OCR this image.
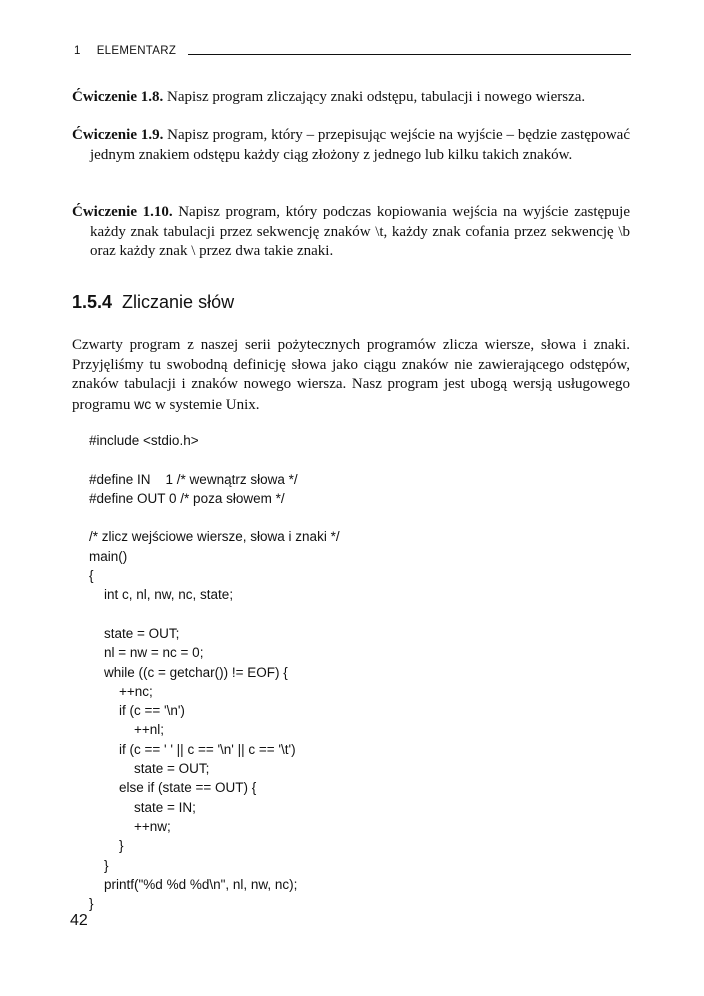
1 ELEMENTARZ

Ćwiczenie 1.8. Napisz program zliczający znaki odstępu, tabulacji i nowego wiersza.

Ćwiczenie 1.9. Napisz program, który – przepisując wejście na wyjście – będzie zastępować jednym znakiem odstępu każdy ciąg złożony z jednego lub kilku takich znaków.

Ćwiczenie 1.10. Napisz program, który podczas kopiowania wejścia na wyjście zastępuje każdy znak tabulacji przez sekwencję znaków \t, każdy znak cofania przez sekwencję \b oraz każdy znak \ przez dwa takie znaki.

1.5.4 Zliczanie słów

Czwarty program z naszej serii pożytecznych programów zlicza wiersze, słowa i znaki. Przyjęliśmy tu swobodną definicję słowa jako ciągu znaków nie zawierającego odstępów, znaków tabulacji i znaków nowego wiersza. Nasz program jest ubogą wersją usługowego programu wc w systemie Unix.

#include <stdio.h>
#define IN    1 /* wewnątrz słowa */
#define OUT 0 /* poza słowem */
/* zlicz wejściowe wiersze, słowa i znaki */
main()
{
int c, nl, nw, nc, state;
state = OUT;
nl = nw = nc = 0;
while ((c = getchar()) != EOF) {
++nc;
if (c == '\n')
++nl;
if (c == ' ' || c == '\n' || c == '\t')
state = OUT;
else if (state == OUT) {
state = IN;
++nw;
}
}
printf("%d %d %d\n", nl, nw, nc);
}
42
